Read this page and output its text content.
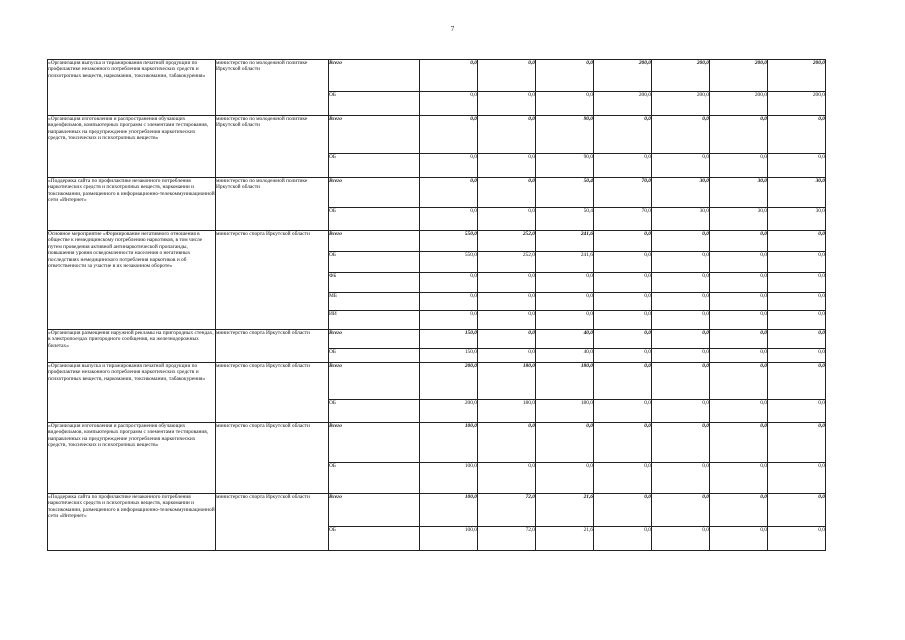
7
«Организация выпуска и тиражирования печатной продукции по профилактике незаконного потребления наркотических средств и психотропных веществ, наркомании, токсикомании, табакокурения»	министерство по молодежной политике Иркутской области	Всего	0,0	0,0	0,0	200,0	200,0	200,0	200,0
		ОБ	0,0	0,0	0,0	200,0	200,0	200,0	200,0
«Организация изготовления и распространения обучающих видеофильмов, компьютерных программ с элементами тестирования, направленных на предупреждение употребления наркотических средств, токсических и психотропных веществ»	министерство по молодежной политике Иркутской области	Всего	0,0	0,0	90,0	0,0	0,0	0,0	0,0
		ОБ	0,0	0,0	90,0	0,0	0,0	0,0	0,0
«Поддержка сайта по профилактике незаконного потребления наркотических средств и психотропных веществ, наркомании и токсикомании, размещенного в информационно-телекоммуникационной сети «Интернет»	министерство по молодежной политике Иркутской области	Всего	0,0	0,0	50,4	70,0	30,0	30,0	30,0
		ОБ	0,0	0,0	50,4	70,0	30,0	30,0	30,0
Основное мероприятие «Формирование негативного отношения в обществе к немедицинскому потреблению наркотиков, в том числе путем проведения активной антинаркотической пропаганды, повышения уровня осведомленности населения о негативных последствиях немедицинского потребления наркотиков и об ответственности за участие в их незаконном обороте»	министерство спорта Иркутской области	Всего	550,0	252,0	241,6	0,0	0,0	0,0	0,0
		ОБ	550,0	252,0	241,6	0,0	0,0	0,0	0,0
		ФБ	0,0	0,0	0,0	0,0	0,0	0,0	0,0
		МБ	0,0	0,0	0,0	0,0	0,0	0,0	0,0
		ИИ	0,0	0,0	0,0	0,0	0,0	0,0	0,0
«Организация размещения наружной рекламы на пригородных стендах, в электропоездах пригородного сообщения, на железнодорожных билетах»	министерство спорта Иркутской области	Всего	150,0	0,0	40,0	0,0	0,0	0,0	0,0
		ОБ	150,0	0,0	40,0	0,0	0,0	0,0	0,0
«Организация выпуска и тиражирования печатной продукции по профилактике незаконного потребления наркотических средств и психотропных веществ, наркомании, токсикомании, табакокурения»	министерство спорта Иркутской области	Всего	200,0	180,0	180,0	0,0	0,0	0,0	0,0
		ОБ	200,0	180,0	180,0	0,0	0,0	0,0	0,0
«Организация изготовления и распространения обучающих видеофильмов, компьютерных программ с элементами тестирования, направленных на предупреждение употребления наркотических средств, токсических и психотропных веществ»	министерство спорта Иркутской области	Всего	100,0	0,0	0,0	0,0	0,0	0,0	0,0
		ОБ	100,0	0,0	0,0	0,0	0,0	0,0	0,0
«Поддержка сайта по профилактике незаконного потребления наркотических средств и психотропных веществ, наркомании и токсикомании, размещенного в информационно-телекоммуникационной сети «Интернет»	министерство спорта Иркутской области	Всего	100,0	72,0	21,6	0,0	0,0	0,0	0,0
		ОБ	100,0	72,0	21,6	0,0	0,0	0,0	0,0
